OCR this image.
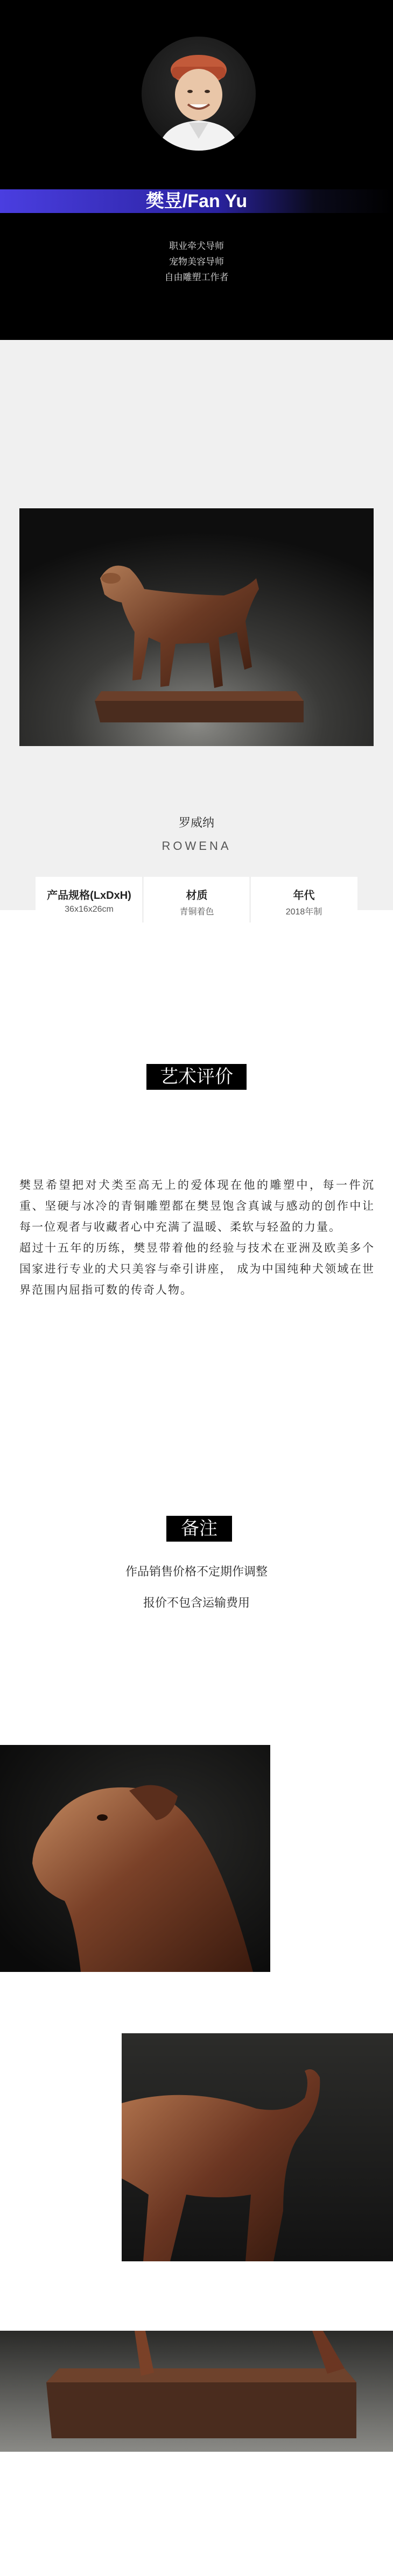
樊昱/Fan Yu
职业牵犬导师
宠物美容导师
自由雕塑工作者
罗威纳
ROWENA
产品规格(LxDxH)
36x16x26cm
材质
青铜着色
年代
2018年制
艺术评价
樊昱希望把对犬类至高无上的爱体现在他的雕塑中，每一件沉重、坚硬与冰冷的青铜雕塑都在樊昱饱含真诚与感动的创作中让每一位观者与收藏者心中充满了温暖、柔软与轻盈的力量。
超过十五年的历练，樊昱带着他的经验与技术在亚洲及欧美多个国家进行专业的犬只美容与牵引讲座， 成为中国纯种犬领域在世界范围内屈指可数的传奇人物。
备注
作品销售价格不定期作调整
报价不包含运输费用
